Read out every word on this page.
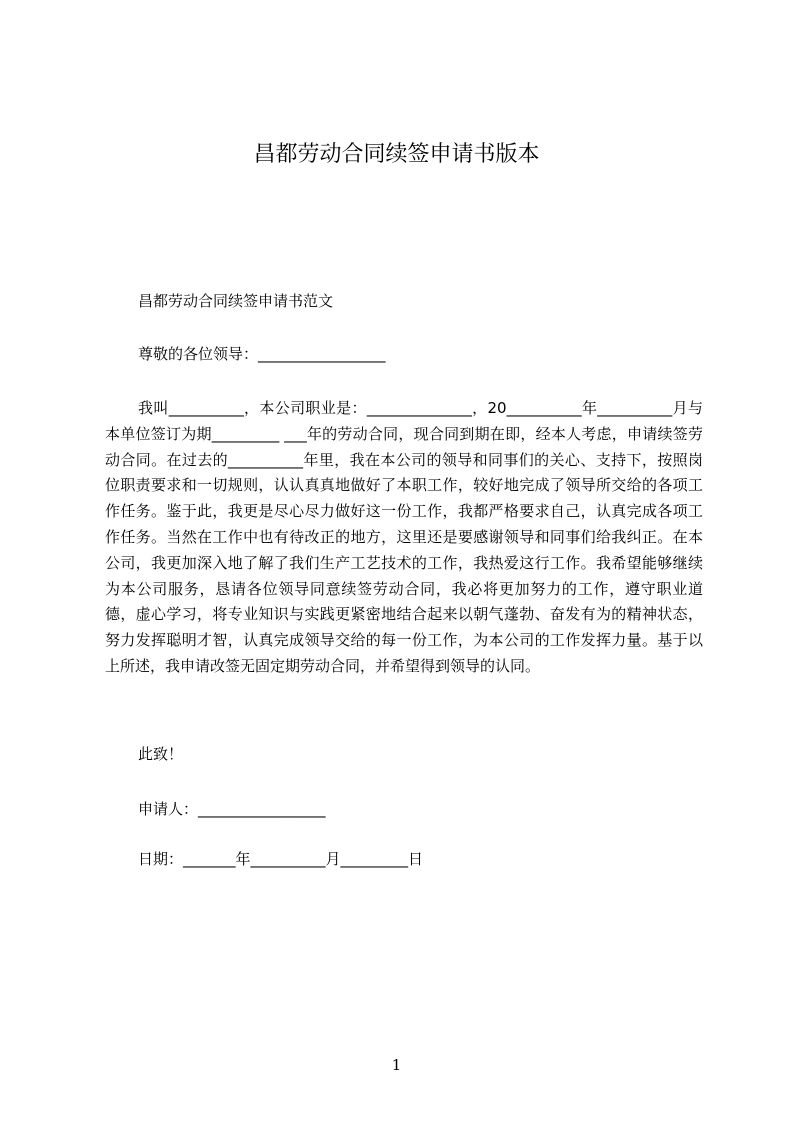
昌都劳动合同续签申请书版本
昌都劳动合同续签申请书范文
尊敬的各位领导：_________________

我叫__________，本公司职业是：______________，20__________年__________月与本单位签订为期_________ ___年的劳动合同，现合同到期在即，经本人考虑，申请续签劳动合同。在过去的__________年里，我在本公司的领导和同事们的关心、支持下，按照岗位职责要求和一切规则，认认真真地做好了本职工作，较好地完成了领导所交给的各项工作任务。鉴于此，我更是尽心尽力做好这一份工作，我都严格要求自己，认真完成各项工作任务。当然在工作中也有待改正的地方，这里还是要感谢领导和同事们给我纠正。在本公司，我更加深入地了解了我们生产工艺技术的工作，我热爱这行工作。我希望能够继续为本公司服务，恳请各位领导同意续签劳动合同，我必将更加努力的工作，遵守职业道德，虚心学习，将专业知识与实践更紧密地结合起来以朝气蓬勃、奋发有为的精神状态，努力发挥聪明才智，认真完成领导交给的每一份工作，为本公司的工作发挥力量。基于以上所述，我申请改签无固定期劳动合同，并希望得到领导的认同。

此致！
申请人：_________________
日期：_______年__________月_________日
1
